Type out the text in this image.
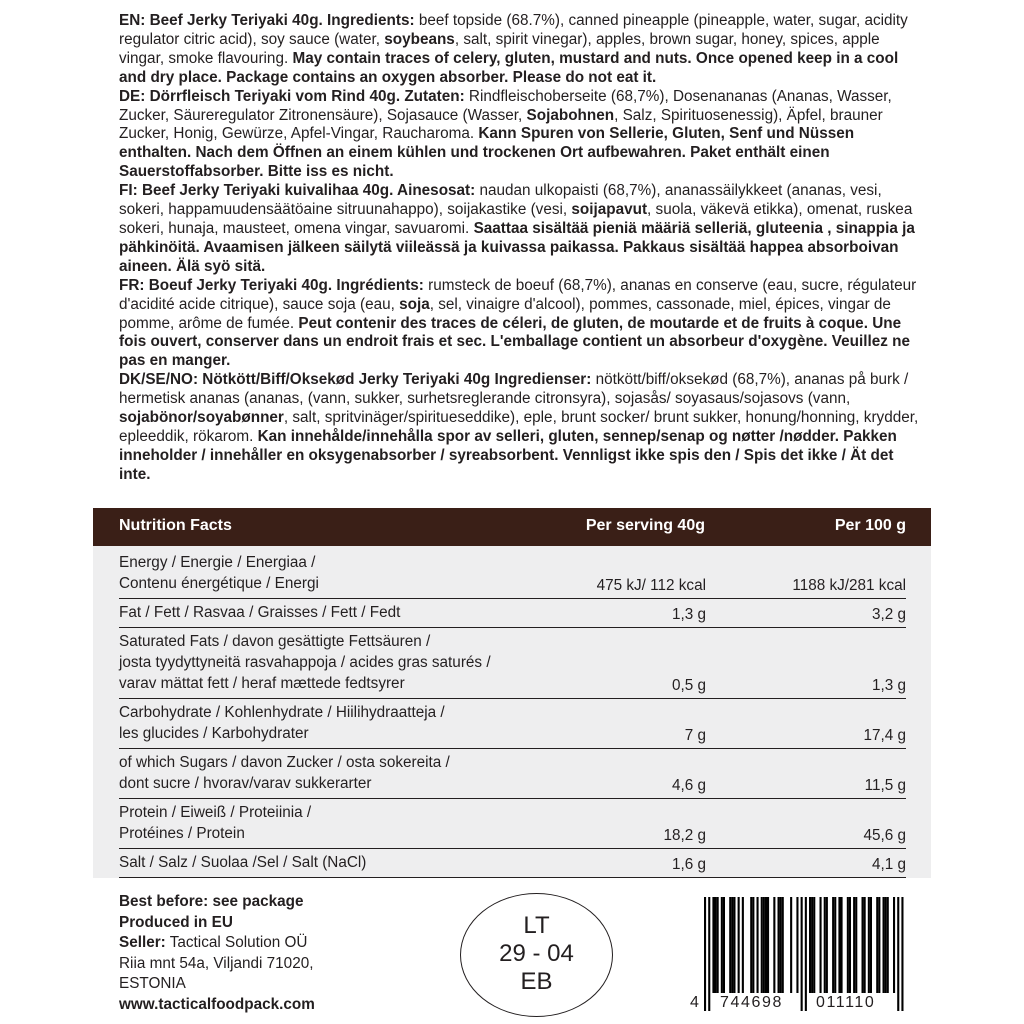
EN: Beef Jerky Teriyaki 40g. Ingredients: beef topside (68.7%), canned pineapple (pineapple, water, sugar, acidity regulator citric acid), soy sauce (water, soybeans, salt, spirit vinegar), apples, brown sugar, honey, spices, apple vingar, smoke flavouring. May contain traces of celery, gluten, mustard and nuts. Once opened keep in a cool and dry place. Package contains an oxygen absorber. Please do not eat it.

DE: Dörrfleisch Teriyaki vom Rind 40g. Zutaten: Rindfleischoberseite (68,7%), Dosenananas (Ananas, Wasser, Zucker, Säureregulator Zitronensäure), Sojasauce (Wasser, Sojabohnen, Salz, Spirituosenessig), Äpfel, brauner Zucker, Honig, Gewürze, Apfel-Vingar, Raucharoma. Kann Spuren von Sellerie, Gluten, Senf und Nüssen enthalten. Nach dem Öffnen an einem kühlen und trockenen Ort aufbewahren. Paket enthält einen Sauerstoffabsorber. Bitte iss es nicht.

FI: Beef Jerky Teriyaki kuivalihaa 40g. Ainesosat: naudan ulkopaisti (68,7%), ananassäilykkeet (ananas, vesi, sokeri, happamuudensäätöaine sitruunahappo), soijakastike (vesi, soijapavut, suola, väkevä etikka), omenat, ruskea sokeri, hunaja, mausteet, omena vingar, savuaromi. Saattaa sisältää pieniä määriä selleriä, gluteenia , sinappia ja pähkinöitä. Avaamisen jälkeen säilytä viileässä ja kuivassa paikassa. Pakkaus sisältää happea absorboivan aineen. Älä syö sitä.

FR: Boeuf Jerky Teriyaki 40g. Ingrédients: rumsteck de boeuf (68,7%), ananas en conserve (eau, sucre, régulateur d'acidité acide citrique), sauce soja (eau, soja, sel, vinaigre d'alcool), pommes, cassonade, miel, épices, vingar de pomme, arôme de fumée. Peut contenir des traces de céleri, de gluten, de moutarde et de fruits à coque. Une fois ouvert, conserver dans un endroit frais et sec. L'emballage contient un absorbeur d'oxygène. Veuillez ne pas en manger.

DK/SE/NO: Nötkött/Biff/Oksekød Jerky Teriyaki 40g Ingredienser: nötkött/biff/oksekød (68,7%), ananas på burk / hermetisk ananas (ananas, (vann, sukker, surhetsreglerande citronsyra), sojasås/ soyasaus/sojasovs (vann, sojabönor/soyabønner, salt, spritvinäger/spiritueseddike), eple, brunt socker/ brunt sukker, honung/honning, krydder, epleeddik, rökarom. Kan innehålde/innehålla spor av selleri, gluten, sennep/senap og nøtter /nødder. Pakken inneholder / innehåller en oksygenabsorber / syreabsorbent. Vennligst ikke spis den / Spis det ikke / Ät det inte.

Nutrition Facts	Per serving 40g	Per 100 g
Energy / Energie / Energiaa /
Contenu énergétique / Energi	475 kJ/ 112 kcal	1188 kJ/281 kcal
Fat / Fett / Rasvaa / Graisses / Fett / Fedt	1,3 g	3,2 g
Saturated Fats / davon gesättigte Fettsäuren /
josta tyydyttyneitä rasvahappoja / acides gras saturés /
varav mättat fett / heraf mættede fedtsyrer	0,5 g	1,3 g
Carbohydrate / Kohlenhydrate / Hiilihydraatteja /
les glucides / Karbohydrater	7 g	17,4 g
of which Sugars / davon Zucker / osta sokereita /
dont sucre / hvorav/varav sukkerarter	4,6 g	11,5 g
Protein / Eiweiß / Proteiinia /
Protéines / Protein	18,2 g	45,6 g
Salt / Salz / Suolaa /Sel / Salt (NaCl)	1,6 g	4,1 g
Best before: see package
Produced in EU
Seller: Tactical Solution OÜ
Riia mnt 54a, Viljandi 71020,
ESTONIA
www.tacticalfoodpack.com
LT
29 - 04
EB
4 744698 011110
